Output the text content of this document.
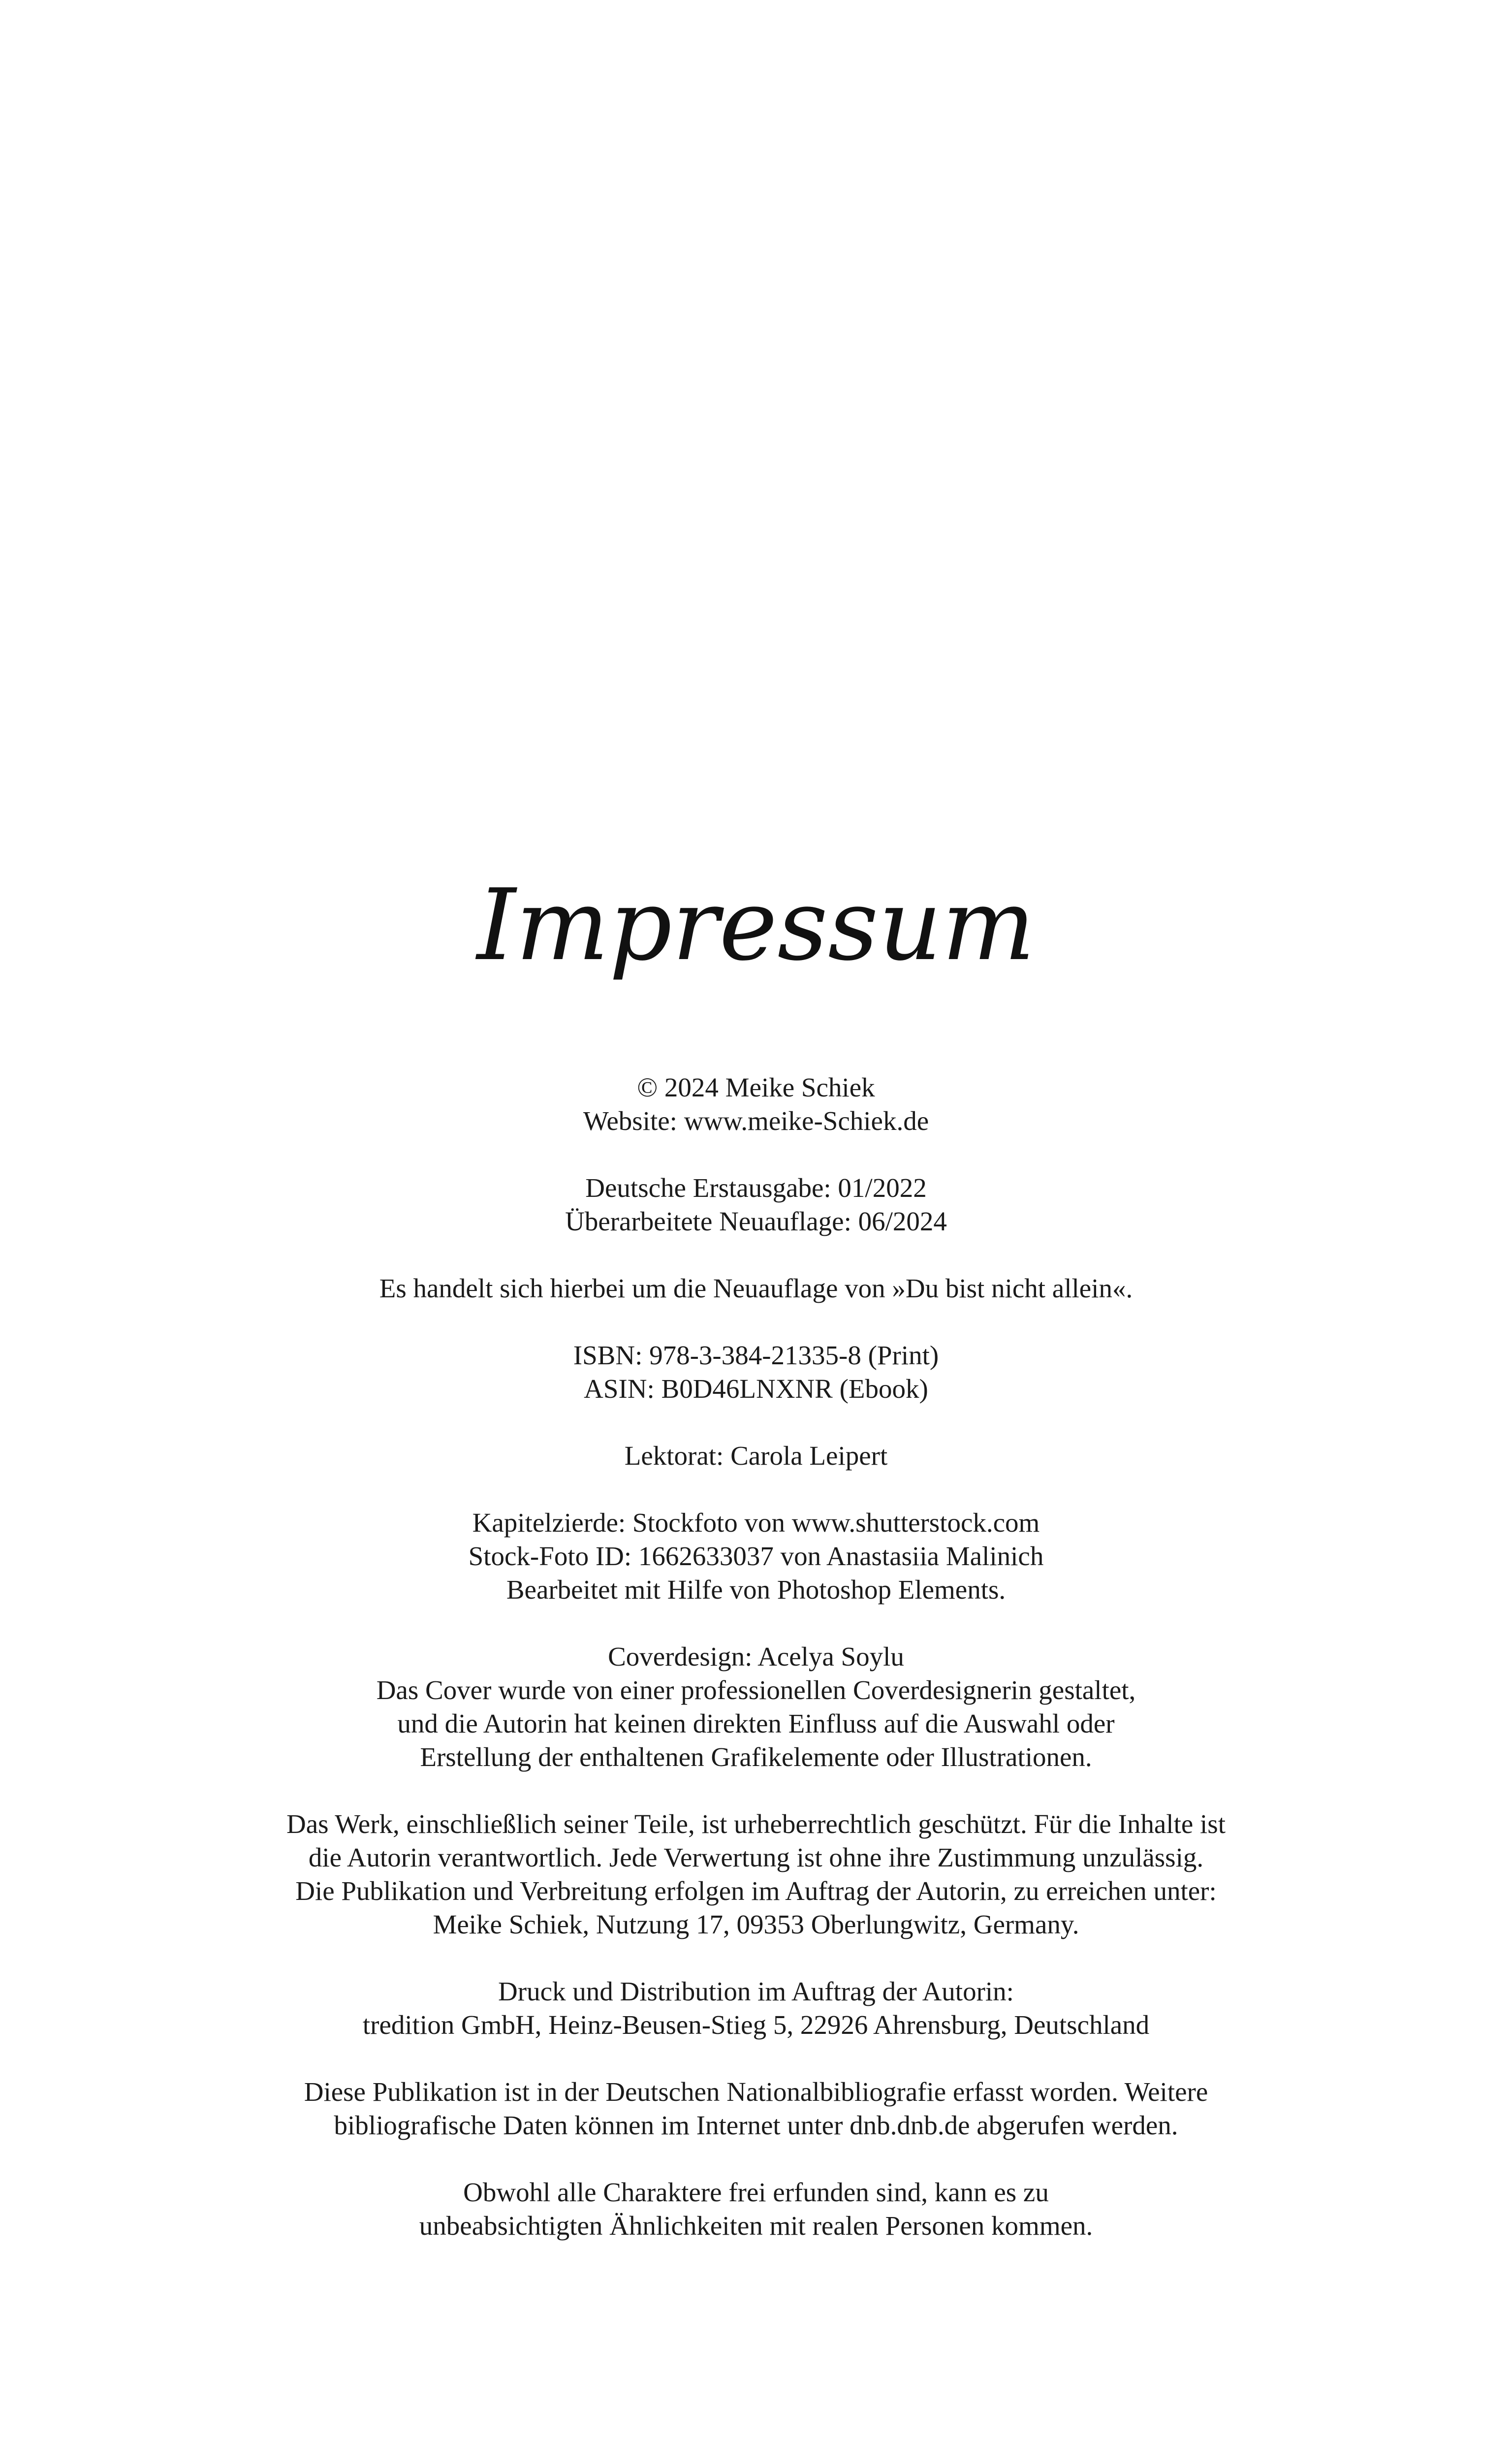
Impressum
© 2024 Meike Schiek
Website: www.meike-Schiek.de
Deutsche Erstausgabe: 01/2022
Überarbeitete Neuauflage: 06/2024
Es handelt sich hierbei um die Neuauflage von »Du bist nicht allein«.
ISBN: 978-3-384-21335-8 (Print)
ASIN: B0D46LNXNR (Ebook)
Lektorat: Carola Leipert
Kapitelzierde: Stockfoto von www.shutterstock.com
Stock-Foto ID: 1662633037 von Anastasiia Malinich
Bearbeitet mit Hilfe von Photoshop Elements.
Coverdesign: Acelya Soylu
Das Cover wurde von einer professionellen Coverdesignerin gestaltet,
und die Autorin hat keinen direkten Einfluss auf die Auswahl oder
Erstellung der enthaltenen Grafikelemente oder Illustrationen.
Das Werk, einschließlich seiner Teile, ist urheberrechtlich geschützt. Für die Inhalte ist
die Autorin verantwortlich. Jede Verwertung ist ohne ihre Zustimmung unzulässig.
Die Publikation und Verbreitung erfolgen im Auftrag der Autorin, zu erreichen unter:
Meike Schiek, Nutzung 17, 09353 Oberlungwitz, Germany.
Druck und Distribution im Auftrag der Autorin:
tredition GmbH, Heinz-Beusen-Stieg 5, 22926 Ahrensburg, Deutschland
Diese Publikation ist in der Deutschen Nationalbibliografie erfasst worden. Weitere
bibliografische Daten können im Internet unter dnb.dnb.de abgerufen werden.
Obwohl alle Charaktere frei erfunden sind, kann es zu
unbeabsichtigten Ähnlichkeiten mit realen Personen kommen.
